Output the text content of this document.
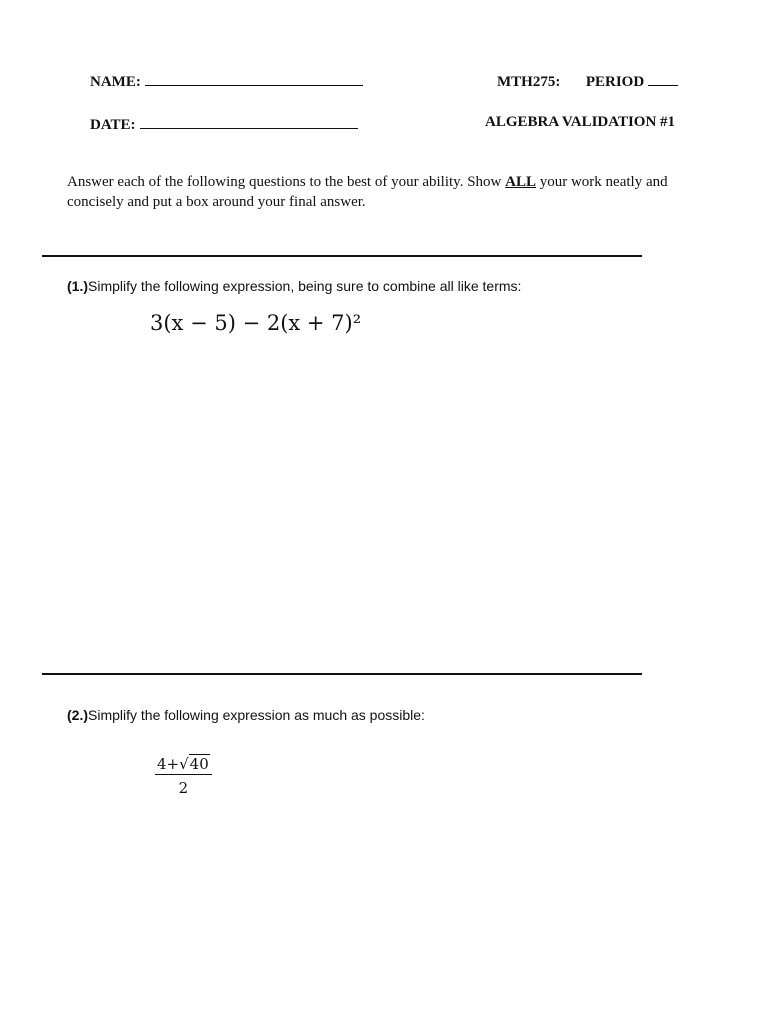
NAME:	MTH275: PERIOD
DATE:	ALGEBRA VALIDATION #1
Answer each of the following questions to the best of your ability. Show ALL your work neatly and concisely and put a box around your final answer.
(1.)Simplify the following expression, being sure to combine all like terms:
3(x − 5) − 2(x + 7)²
(2.)Simplify the following expression as much as possible:
$\frac{4+√40}{2}$
